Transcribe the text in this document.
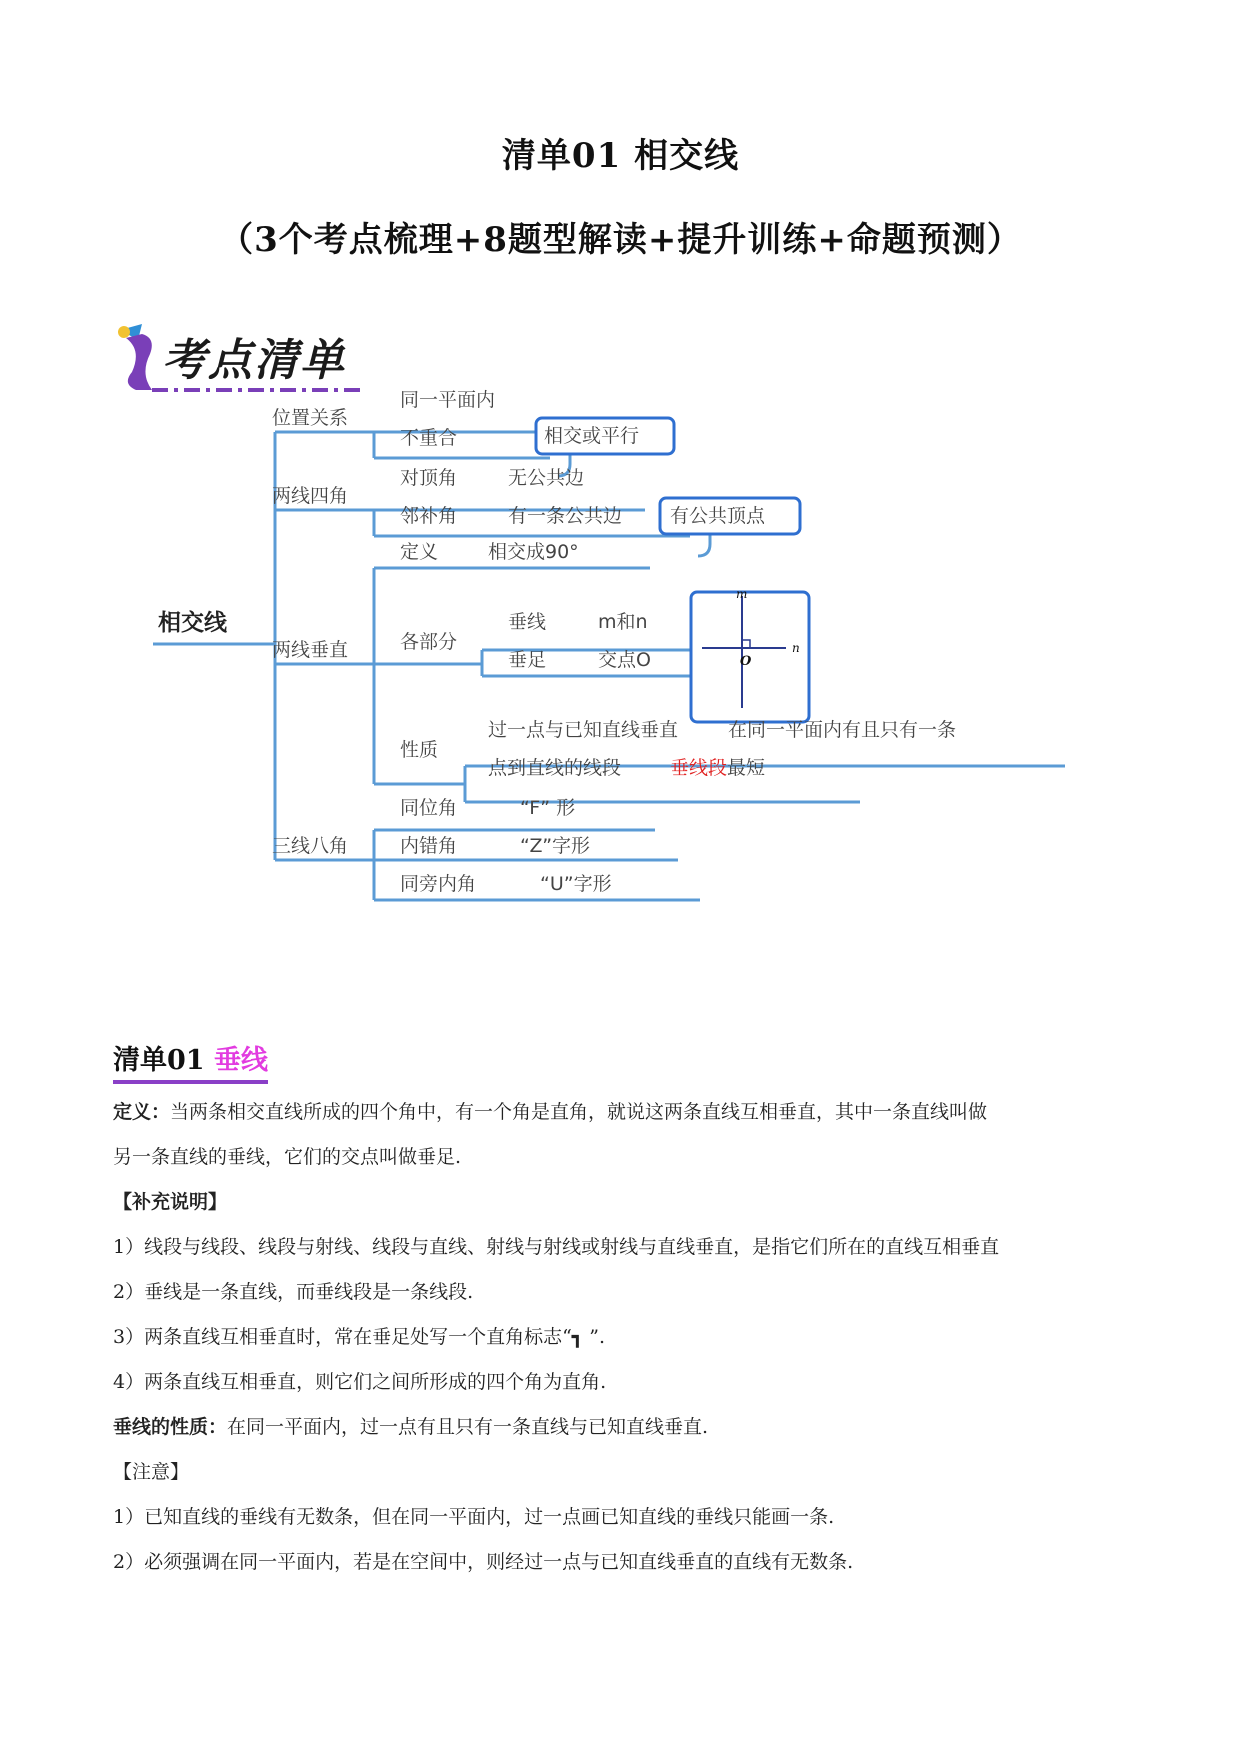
清单01 相交线
（3个考点梳理+8题型解读+提升训练+命题预测）
考点清单
m
n
O
相交线
位置关系
同一平面内
不重合	相交或平行
两线四角
对顶角	无公共边
邻补角	有一条公共边	有公共顶点
定义	相交成90°
两线垂直	各部分
垂线	m和n
垂足	交点O
性质
过一点与已知直线垂直	在同一平面内有且只有一条
点到直线的线段	垂线段最短
三线八角
同位角	“F” 形
内错角	“Z”字形
同旁内角	“U”字形
清单01 垂线
定义：当两条相交直线所成的四个角中，有一个角是直角，就说这两条直线互相垂直，其中一条直线叫做
另一条直线的垂线，它们的交点叫做垂足.
【补充说明】
1）线段与线段、线段与射线、线段与直线、射线与射线或射线与直线垂直，是指它们所在的直线互相垂直
2）垂线是一条直线，而垂线段是一条线段.
3）两条直线互相垂直时，常在垂足处写一个直角标志“┓ ”.
4）两条直线互相垂直，则它们之间所形成的四个角为直角.
垂线的性质：在同一平面内，过一点有且只有一条直线与已知直线垂直.
【注意】
1）已知直线的垂线有无数条，但在同一平面内，过一点画已知直线的垂线只能画一条.
2）必须强调在同一平面内，若是在空间中，则经过一点与已知直线垂直的直线有无数条.
